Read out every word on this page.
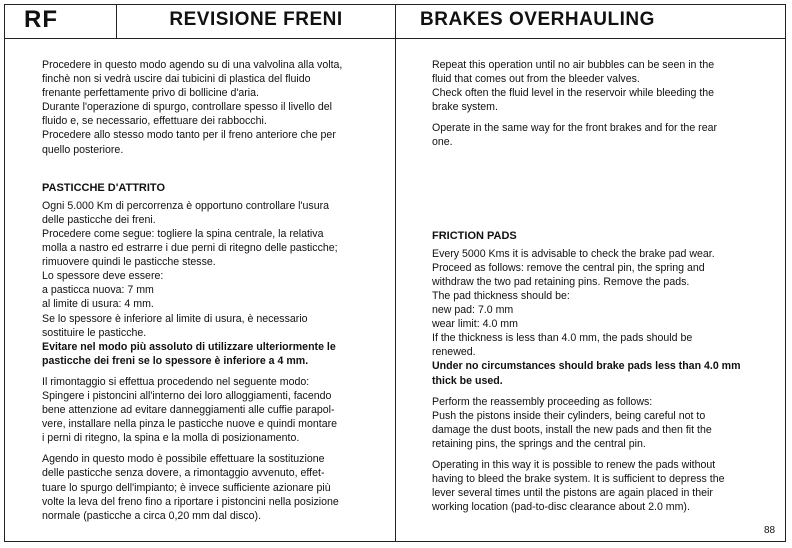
RF	REVISIONE FRENI	BRAKES OVERHAULING

Procedere in questo modo agendo su di una valvolina alla volta,

finchè non si vedrà uscire dai tubicini di plastica del fluido

frenante perfettamente privo di bollicine d'aria.

Durante l'operazione di spurgo, controllare spesso il livello del

fluido e, se necessario, effettuare dei rabbocchi.

Procedere allo stesso modo tanto per il freno anteriore che per

quello posteriore.

PASTICCHE D'ATTRITO

Ogni 5.000 Km di percorrenza è opportuno controllare l'usura

delle pasticche dei freni.

Procedere come segue: togliere la spina centrale, la relativa

molla a nastro ed estrarre i due perni di ritegno delle pasticche;

rimuovere quindi le pasticche stesse.

Lo spessore deve essere:

a pasticca nuova: 7 mm

al limite di usura: 4 mm.

Se lo spessore è inferiore al limite di usura, è necessario

sostituire le pasticche.

Evitare nel modo più assoluto di utilizzare ulteriormente le

pasticche dei freni se lo spessore è inferiore a 4 mm.

Il rimontaggio si effettua procedendo nel seguente modo:

Spingere i pistoncini all'interno dei loro alloggiamenti, facendo

bene attenzione ad evitare danneggiamenti alle cuffie parapol-

vere, installare nella pinza le pasticche nuove e quindi montare

i perni di ritegno, la spina e la molla di posizionamento.

Agendo in questo modo è possibile effettuare la sostituzione

delle pasticche senza dovere, a rimontaggio avvenuto, effet-

tuare lo spurgo dell'impianto; è invece sufficiente azionare più

volte la leva del freno fino a riportare i pistoncini nella posizione

normale (pasticche a circa 0,20 mm dal disco).

Repeat this operation until no air bubbles can be seen in the

fluid that comes out from the bleeder valves.

Check often the fluid level in the reservoir while bleeding the

brake system.

Operate in the same way for the front brakes and for the rear

one.

FRICTION PADS

Every 5000 Kms it is advisable to check the brake pad wear.

Proceed as follows: remove the central pin, the spring and

withdraw the two pad retaining pins. Remove the pads.

The pad thickness should be:

new pad: 7.0 mm

wear limit: 4.0 mm

If the thickness is less than 4.0 mm, the pads should be

renewed.

Under no circumstances should brake pads less than 4.0 mm

thick be used.

Perform the reassembly proceeding as follows:

Push the pistons inside their cylinders, being careful not to

damage the dust boots, install the new pads and then fit the

retaining pins, the springs and the central pin.

Operating in this way it is possible to renew the pads without

having to bleed the brake system. It is sufficient to depress the

lever several times until the pistons are again placed in their

working location (pad-to-disc clearance about 2.0 mm).

88
